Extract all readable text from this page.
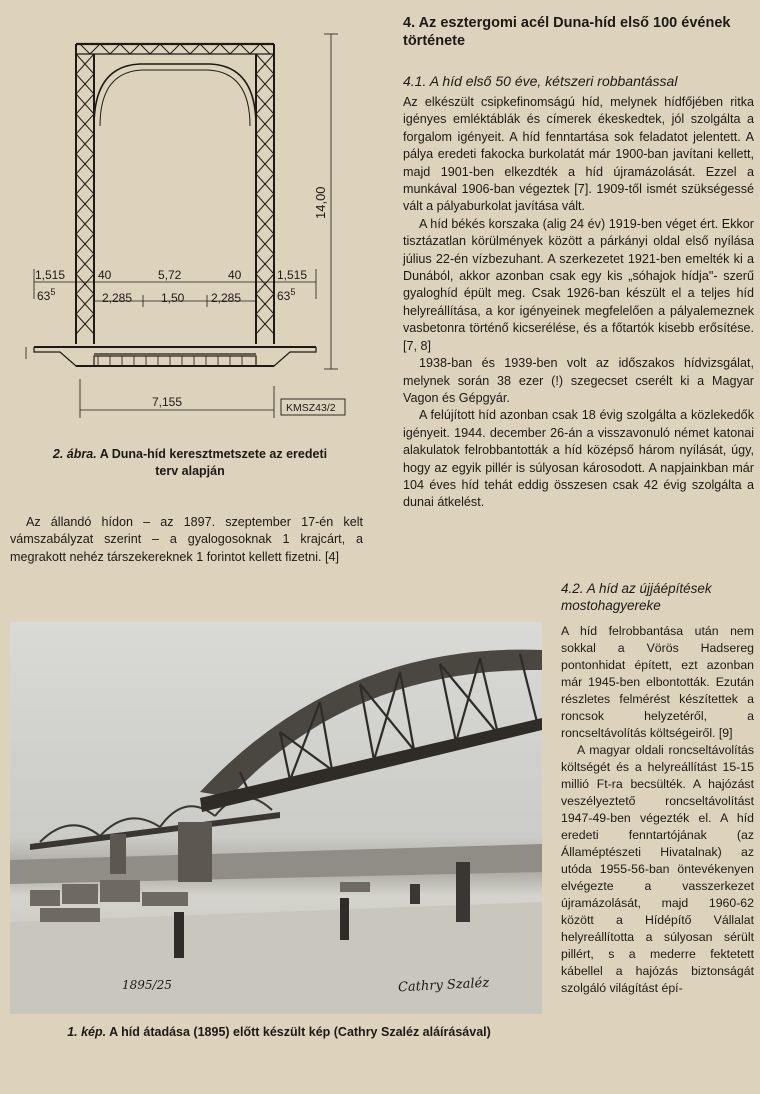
14,00
1,515	40	5,72	40	1,515
$63^5$	$63^5$
2,285 1,50 2,285
7,155	KMSZ43/2
2. ábra. A Duna-híd keresztmetszete az eredeti terv alapján

Az állandó hídon – az 1897. szeptember 17-én kelt vámszabályzat szerint – a gyalogosoknak 1 krajcárt, a megrakott nehéz társzekereknek 1 forintot kellett fizetni. [4]

4. Az esztergomi acél Duna-híd első 100 évének története
4.1. A híd első 50 éve, kétszeri robbantással

Az elkészült csipkefinomságú híd, melynek hídfőjében ritka igényes emléktáblák és címerek ékeskedtek, jól szolgálta a forgalom igényeit. A híd fenntartása sok feladatot jelentett. A pálya eredeti fakocka burkolatát már 1900-ban javítani kellett, majd 1901-ben elkezdték a híd újramázolását. Ezzel a munkával 1906-ban végeztek [7]. 1909-től ismét szükségessé vált a pályaburkolat javítása vált.

A híd békés korszaka (alig 24 év) 1919-ben véget ért. Ekkor tisztázatlan körülmények között a párkányi oldal első nyílása július 22-én vízbezuhant. A szerkezetet 1921-ben emelték ki a Dunából, akkor azonban csak egy kis „sóhajok hídja"- szerű gyaloghíd épült meg. Csak 1926-ban készült el a teljes híd helyreállítása, a kor igényeinek megfelelően a pályalemeznek vasbetonra történő kicserélése, és a főtartók kisebb erősítése. [7, 8]

1938-ban és 1939-ben volt az időszakos hídvizsgálat, melynek során 38 ezer (!) szegecset cserélt ki a Magyar Vagon és Gépgyár.

A felújított híd azonban csak 18 évig szolgálta a közlekedők igényeit. 1944. december 26-án a visszavonuló német katonai alakulatok felrobbantották a híd középső három nyílását, úgy, hogy az egyik pillér is súlyosan károsodott. A napjainkban már 104 éves híd tehát eddig összesen csak 42 évig szolgálta a dunai átkelést.

4.2. A híd az újjáépítések mostohagyereke

A híd felrobbantása után nem sokkal a Vörös Hadsereg pontonhidat épített, ezt azonban már 1945-ben elbontották. Ezután részletes felmérést készítettek a roncsok helyzetéről, a roncseltávolítás költségeiről. [9]

A magyar oldali roncseltávolítás költségét és a helyreállítást 15-15 millió Ft-ra becsülték. A hajózást veszélyeztető roncseltávolítást 1947-49-ben végezték el. A híd eredeti fenntartójának (az Államéptészeti Hivatalnak) az utóda 1955-56-ban öntevékenyen elvégezte a vasszerkezet újramázolását, majd 1960-62 között a Hídépítő Vállalat helyreállította a súlyosan sérült pillért, s a mederre fektetett kábellel a hajózás biztonságát szolgáló világítást épí-

1895/25	Cathry Szaléz
1. kép. A híd átadása (1895) előtt készült kép (Cathry Szaléz aláírásával)
